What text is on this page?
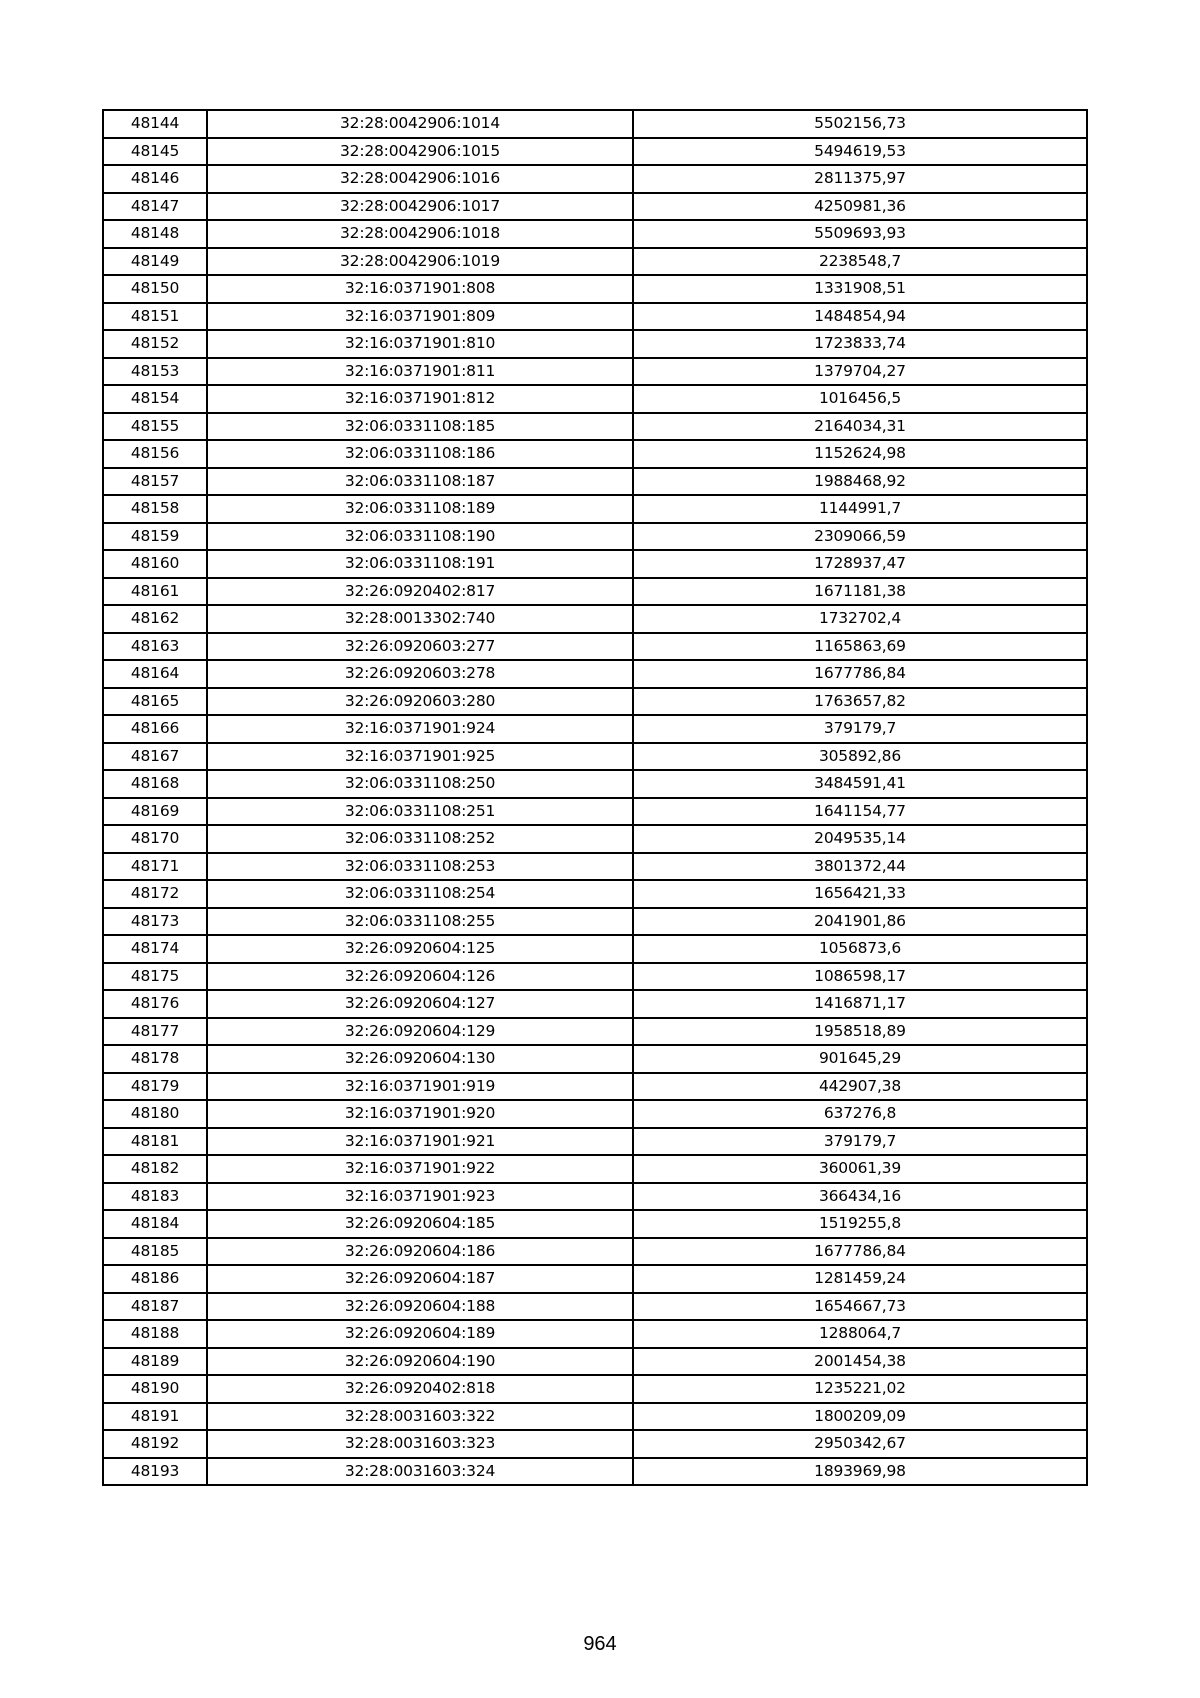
48144	32:28:0042906:1014	5502156,73
48145	32:28:0042906:1015	5494619,53
48146	32:28:0042906:1016	2811375,97
48147	32:28:0042906:1017	4250981,36
48148	32:28:0042906:1018	5509693,93
48149	32:28:0042906:1019	2238548,7
48150	32:16:0371901:808	1331908,51
48151	32:16:0371901:809	1484854,94
48152	32:16:0371901:810	1723833,74
48153	32:16:0371901:811	1379704,27
48154	32:16:0371901:812	1016456,5
48155	32:06:0331108:185	2164034,31
48156	32:06:0331108:186	1152624,98
48157	32:06:0331108:187	1988468,92
48158	32:06:0331108:189	1144991,7
48159	32:06:0331108:190	2309066,59
48160	32:06:0331108:191	1728937,47
48161	32:26:0920402:817	1671181,38
48162	32:28:0013302:740	1732702,4
48163	32:26:0920603:277	1165863,69
48164	32:26:0920603:278	1677786,84
48165	32:26:0920603:280	1763657,82
48166	32:16:0371901:924	379179,7
48167	32:16:0371901:925	305892,86
48168	32:06:0331108:250	3484591,41
48169	32:06:0331108:251	1641154,77
48170	32:06:0331108:252	2049535,14
48171	32:06:0331108:253	3801372,44
48172	32:06:0331108:254	1656421,33
48173	32:06:0331108:255	2041901,86
48174	32:26:0920604:125	1056873,6
48175	32:26:0920604:126	1086598,17
48176	32:26:0920604:127	1416871,17
48177	32:26:0920604:129	1958518,89
48178	32:26:0920604:130	901645,29
48179	32:16:0371901:919	442907,38
48180	32:16:0371901:920	637276,8
48181	32:16:0371901:921	379179,7
48182	32:16:0371901:922	360061,39
48183	32:16:0371901:923	366434,16
48184	32:26:0920604:185	1519255,8
48185	32:26:0920604:186	1677786,84
48186	32:26:0920604:187	1281459,24
48187	32:26:0920604:188	1654667,73
48188	32:26:0920604:189	1288064,7
48189	32:26:0920604:190	2001454,38
48190	32:26:0920402:818	1235221,02
48191	32:28:0031603:322	1800209,09
48192	32:28:0031603:323	2950342,67
48193	32:28:0031603:324	1893969,98
964
